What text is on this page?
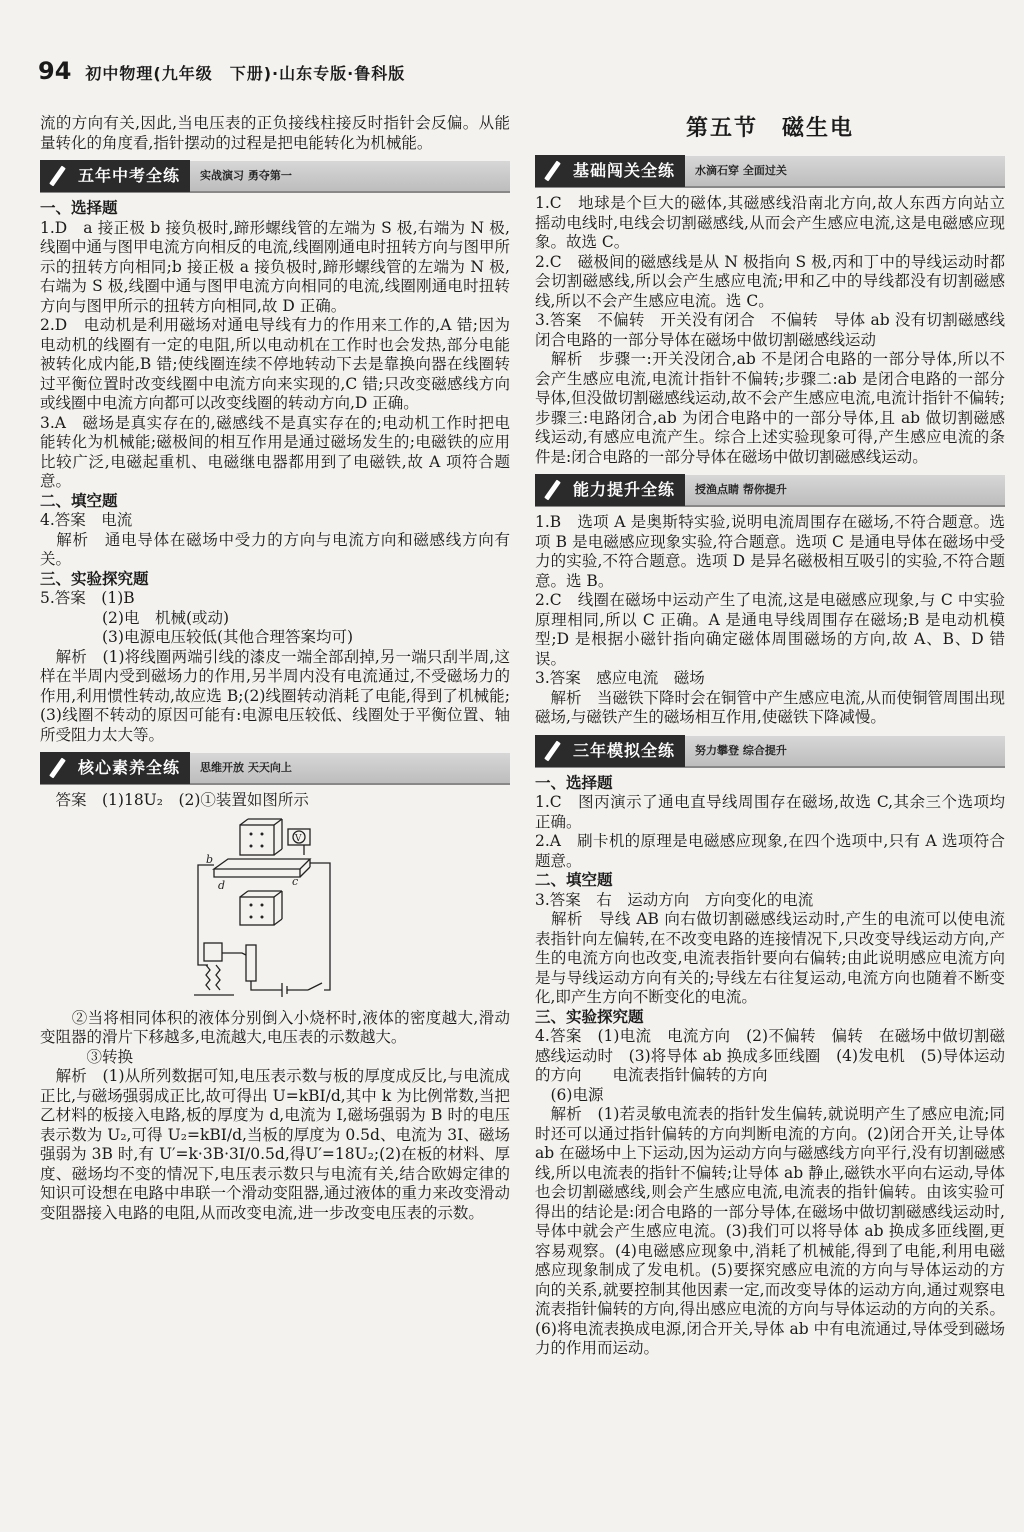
94 初中物理(九年级　下册)·山东专版·鲁科版
流的方向有关,因此,当电压表的正负接线柱接反时指针会反偏。从能量转化的角度看,指针摆动的过程是把电能转化为机械能。
五年中考全练	实战演习 勇夺第一
一、选择题
1.D　a 接正极 b 接负极时,蹄形螺线管的左端为 S 极,右端为 N 极,线圈中通与图甲电流方向相反的电流,线圈刚通电时扭转方向与图甲所示的扭转方向相同;b 接正极 a 接负极时,蹄形螺线管的左端为 N 极,右端为 S 极,线圈中通与图甲电流方向相同的电流,线圈刚通电时扭转方向与图甲所示的扭转方向相同,故 D 正确。
2.D　电动机是利用磁场对通电导线有力的作用来工作的,A 错;因为电动机的线圈有一定的电阻,所以电动机在工作时也会发热,部分电能被转化成内能,B 错;使线圈连续不停地转动下去是靠换向器在线圈转过平衡位置时改变线圈中电流方向来实现的,C 错;只改变磁感线方向或线圈中电流方向都可以改变线圈的转动方向,D 正确。
3.A　磁场是真实存在的,磁感线不是真实存在的;电动机工作时把电能转化为机械能;磁极间的相互作用是通过磁场发生的;电磁铁的应用比较广泛,电磁起重机、电磁继电器都用到了电磁铁,故 A 项符合题意。
二、填空题
4.答案　电流
　解析　通电导体在磁场中受力的方向与电流方向和磁感线方向有关。
三、实验探究题
5.答案　(1)B
　　　　(2)电　机械(或动)
　　　　(3)电源电压较低(其他合理答案均可)
　解析　(1)将线圈两端引线的漆皮一端全部刮掉,另一端只刮半周,这样在半周内受到磁场力的作用,另半周内没有电流通过,不受磁场力的作用,利用惯性转动,故应选 B;(2)线圈转动消耗了电能,得到了机械能;(3)线圈不转动的原因可能有:电源电压较低、线圈处于平衡位置、轴所受阻力太大等。
核心素养全练	思维开放 天天向上
　答案　(1)18U₂　(2)①装置如图所示
b
c
d
V
　　②当将相同体积的液体分别倒入小烧杯时,液体的密度越大,滑动变阻器的滑片下移越多,电流越大,电压表的示数越大。
　　　③转换
　解析　(1)从所列数据可知,电压表示数与板的厚度成反比,与电流成正比,与磁场强弱成正比,故可得出 U=kBI/d,其中 k 为比例常数,当把乙材料的板接入电路,板的厚度为 d,电流为 I,磁场强弱为 B 时的电压表示数为 U₂,可得 U₂=kBI/d,当板的厚度为 0.5d、电流为 3I、磁场强弱为 3B 时,有 U′=k·3B·3I/0.5d,得U′=18U₂;(2)在板的材料、厚度、磁场均不变的情况下,电压表示数只与电流有关,结合欧姆定律的知识可设想在电路中串联一个滑动变阻器,通过液体的重力来改变滑动变阻器接入电路的电阻,从而改变电流,进一步改变电压表的示数。
第五节　磁生电
基础闯关全练	水滴石穿 全面过关
1.C　地球是个巨大的磁体,其磁感线沿南北方向,故人东西方向站立摇动电线时,电线会切割磁感线,从而会产生感应电流,这是电磁感应现象。故选 C。
2.C　磁极间的磁感线是从 N 极指向 S 极,丙和丁中的导线运动时都会切割磁感线,所以会产生感应电流;甲和乙中的导线都没有切割磁感线,所以不会产生感应电流。选 C。
3.答案　不偏转　开关没有闭合　不偏转　导体 ab 没有切割磁感线　闭合电路的一部分导体在磁场中做切割磁感线运动
　解析　步骤一:开关没闭合,ab 不是闭合电路的一部分导体,所以不会产生感应电流,电流计指针不偏转;步骤二:ab 是闭合电路的一部分导体,但没做切割磁感线运动,故不会产生感应电流,电流计指针不偏转;步骤三:电路闭合,ab 为闭合电路中的一部分导体,且 ab 做切割磁感线运动,有感应电流产生。综合上述实验现象可得,产生感应电流的条件是:闭合电路的一部分导体在磁场中做切割磁感线运动。
能力提升全练	授渔点睛 帮你提升
1.B　选项 A 是奥斯特实验,说明电流周围存在磁场,不符合题意。选项 B 是电磁感应现象实验,符合题意。选项 C 是通电导体在磁场中受力的实验,不符合题意。选项 D 是异名磁极相互吸引的实验,不符合题意。选 B。
2.C　线圈在磁场中运动产生了电流,这是电磁感应现象,与 C 中实验原理相同,所以 C 正确。A 是通电导线周围存在磁场;B 是电动机模型;D 是根据小磁针指向确定磁体周围磁场的方向,故 A、B、D 错误。
3.答案　感应电流　磁场
　解析　当磁铁下降时会在铜管中产生感应电流,从而使铜管周围出现磁场,与磁铁产生的磁场相互作用,使磁铁下降减慢。
三年模拟全练	努力攀登 综合提升
一、选择题
1.C　图丙演示了通电直导线周围存在磁场,故选 C,其余三个选项均正确。
2.A　刷卡机的原理是电磁感应现象,在四个选项中,只有 A 选项符合题意。
二、填空题
3.答案　右　运动方向　方向变化的电流
　解析　导线 AB 向右做切割磁感线运动时,产生的电流可以使电流表指针向左偏转,在不改变电路的连接情况下,只改变导线运动方向,产生的电流方向也改变,电流表指针要向右偏转;由此说明感应电流方向是与导线运动方向有关的;导线左右往复运动,电流方向也随着不断变化,即产生方向不断变化的电流。
三、实验探究题
4.答案　(1)电流　电流方向　(2)不偏转　偏转　在磁场中做切割磁感线运动时　(3)将导体 ab 换成多匝线圈　(4)发电机　(5)导体运动的方向　　电流表指针偏转的方向
　(6)电源
　解析　(1)若灵敏电流表的指针发生偏转,就说明产生了感应电流;同时还可以通过指针偏转的方向判断电流的方向。(2)闭合开关,让导体 ab 在磁场中上下运动,因为运动方向与磁感线方向平行,没有切割磁感线,所以电流表的指针不偏转;让导体 ab 静止,磁铁水平向右运动,导体也会切割磁感线,则会产生感应电流,电流表的指针偏转。由该实验可得出的结论是:闭合电路的一部分导体,在磁场中做切割磁感线运动时,导体中就会产生感应电流。(3)我们可以将导体 ab 换成多匝线圈,更容易观察。(4)电磁感应现象中,消耗了机械能,得到了电能,利用电磁感应现象制成了发电机。(5)要探究感应电流的方向与导体运动的方向的关系,就要控制其他因素一定,而改变导体的运动方向,通过观察电流表指针偏转的方向,得出感应电流的方向与导体运动的方向的关系。(6)将电流表换成电源,闭合开关,导体 ab 中有电流通过,导体受到磁场力的作用而运动。
